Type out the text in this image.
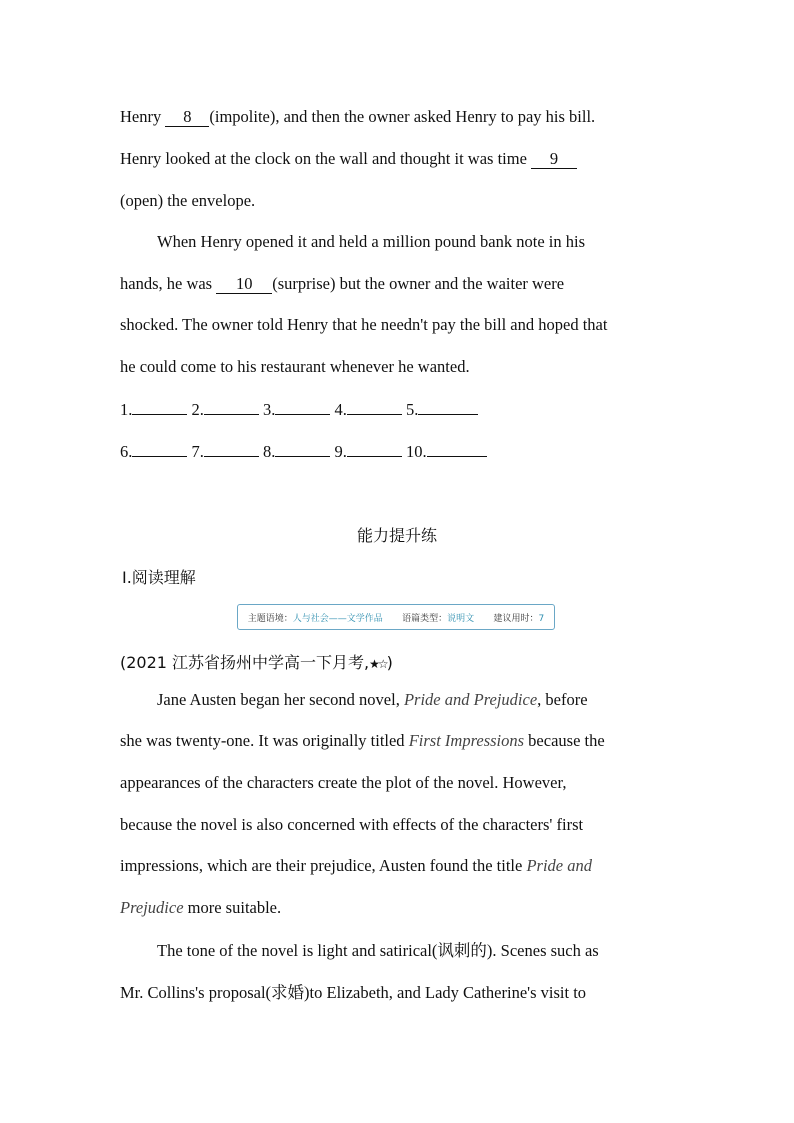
Henry 8 (impolite), and then the owner asked Henry to pay his bill.
Henry looked at the clock on the wall and thought it was time 9
(open) the envelope.
When Henry opened it and held a million pound bank note in his
hands, he was 10 (surprise) but the owner and the waiter were
shocked. The owner told Henry that he needn't pay the bill and hoped that
he could come to his restaurant whenever he wanted.
1.	2.	3.	4.	5.
6.	7.	8.	9.	10.
能力提升练
Ⅰ.阅读理解
主题语境：人与社会——文学作品 语篇类型：说明文 建议用时：7
(2021 江苏省扬州中学高一下月考,★☆)
Jane Austen began her second novel, Pride and Prejudice, before
she was twenty-one. It was originally titled First Impressions because the
appearances of the characters create the plot of the novel. However,
because the novel is also concerned with effects of the characters' first
impressions, which are their prejudice, Austen found the title Pride and
Prejudice more suitable.
The tone of the novel is light and satirical(讽刺的). Scenes such as
Mr. Collins's proposal(求婚)to Elizabeth, and Lady Catherine's visit to
